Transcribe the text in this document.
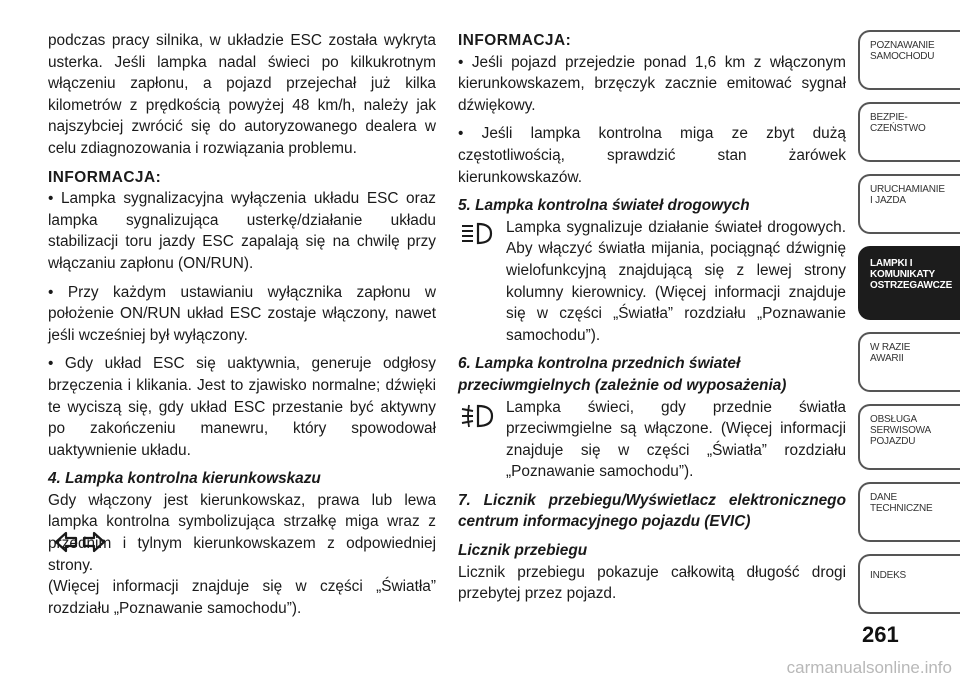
podczas pracy silnika, w układzie ESC została wykryta usterka. Jeśli lampka nadal świeci po kilkukrotnym włączeniu zapłonu, a pojazd przejechał już kilka kilometrów z prędkością powyżej 48 km/h, należy jak najszybciej zwrócić się do autoryzowanego dealera w celu zdiagnozowania i rozwiązania problemu.

INFORMACJA:

• Lampka sygnalizacyjna wyłączenia układu ESC oraz lampka sygnalizująca usterkę/działanie układu stabilizacji toru jazdy ESC zapalają się na chwilę przy włączaniu zapłonu (ON/RUN).

• Przy każdym ustawianiu wyłącznika zapłonu w położenie ON/RUN układ ESC zostaje włączony, nawet jeśli wcześniej był wyłączony.

• Gdy układ ESC się uaktywnia, generuje odgłosy brzęczenia i klikania. Jest to zjawisko normalne; dźwięki te wyciszą się, gdy układ ESC przestanie być aktywny po zakończeniu manewru, który spowodował uaktywnienie układu.

4. Lampka kontrolna kierunkowskazu

Gdy włączony jest kierunkowskaz, prawa lub lewa lampka kontrolna symbolizująca strzałkę miga wraz z przednim i tylnym kierunkowskazem z odpowiedniej strony.

(Więcej informacji znajduje się w części „Światła” rozdziału „Poznawanie samochodu”).

INFORMACJA:

• Jeśli pojazd przejedzie ponad 1,6 km z włączonym kierunkowskazem, brzęczyk zacznie emitować sygnał dźwiękowy.

• Jeśli lampka kontrolna miga ze zbyt dużą częstotliwością, sprawdzić stan żarówek kierunkowskazów.

5. Lampka kontrolna świateł drogowych

Lampka sygnalizuje działanie świateł drogowych. Aby włączyć światła mijania, pociągnąć dźwignię wielofunkcyjną znajdującą się z lewej strony kolumny kierownicy. (Więcej informacji znajduje się w części „Światła” rozdziału „Poznawanie samochodu”).

6. Lampka kontrolna przednich świateł

przeciwmgielnych (zależnie od wyposażenia)

Lampka świeci, gdy przednie światła przeciwmgielne są włączone. (Więcej informacji znajduje się w części „Światła” rozdziału „Poznawanie samochodu”).

7. Licznik przebiegu/Wyświetlacz elektronicznego centrum informacyjnego pojazdu (EVIC)

Licznik przebiegu

Licznik przebiegu pokazuje całkowitą długość drogi przebytej przez pojazd.

POZNAWANIE
SAMOCHODU
BEZPIE-
CZEŃSTWO
URUCHAMIANIE
I JAZDA
LAMPKI I
KOMUNIKATY
OSTRZEGAWCZE
W RAZIE
AWARII
OBSŁUGA
SERWISOWA
POJAZDU
DANE
TECHNICZNE
INDEKS
261
carmanualsonline.info
